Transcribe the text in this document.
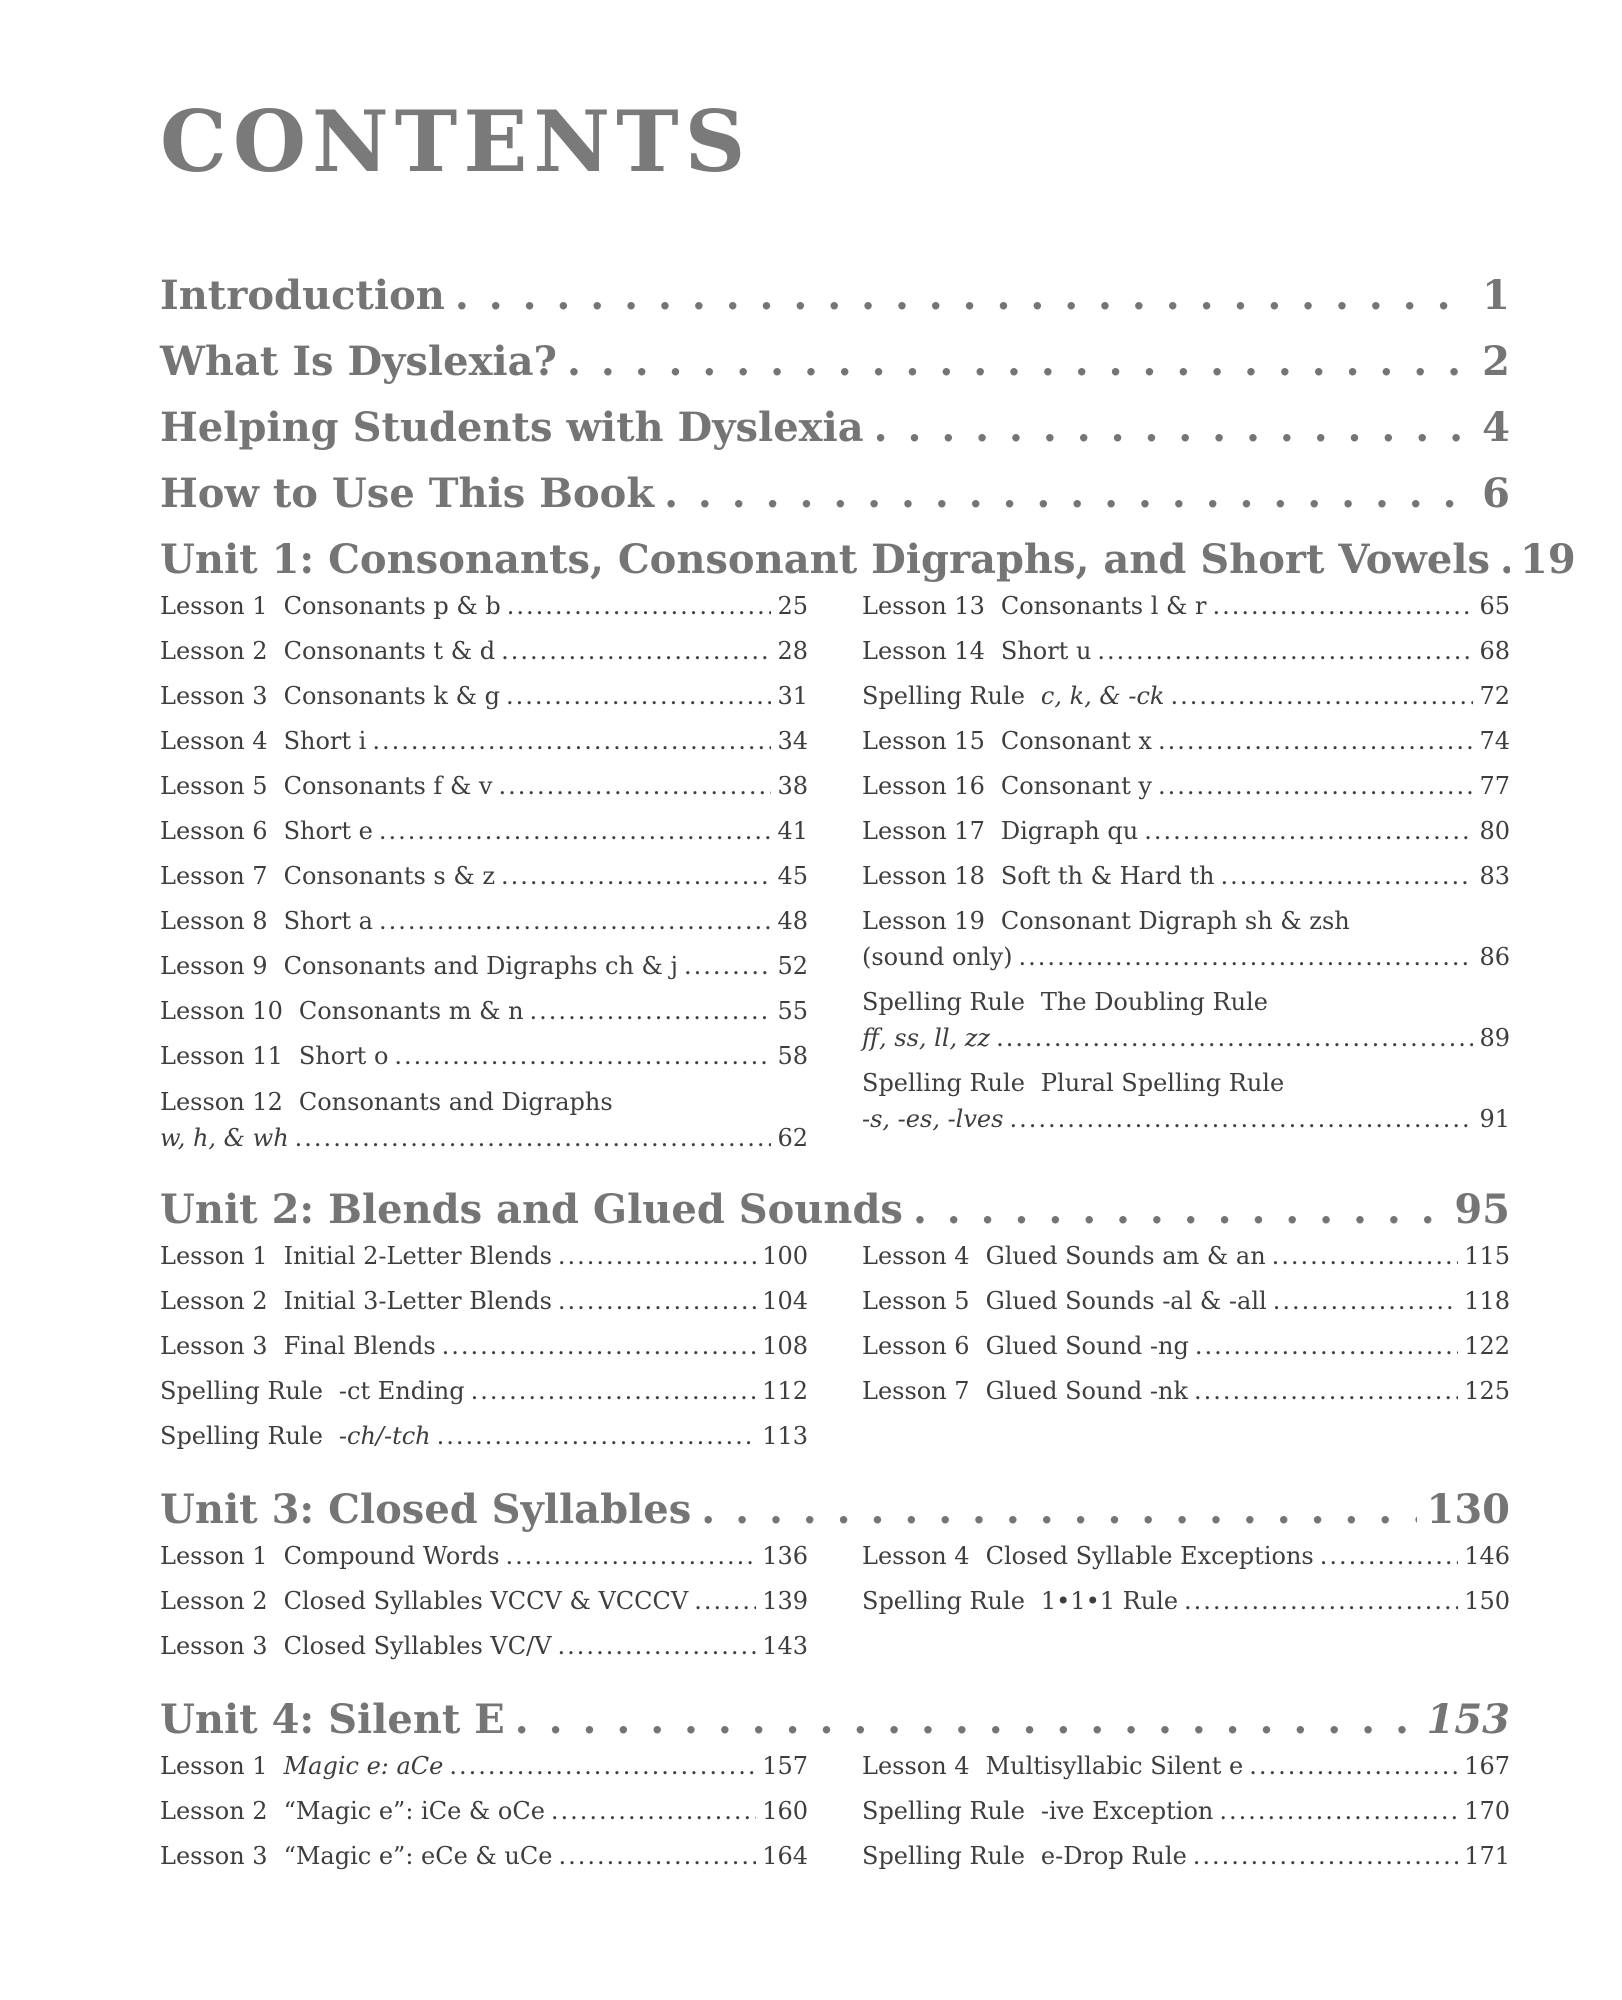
CONTENTS
Introduction . . .	1
What Is Dyslexia? . . .	2
Helping Students with Dyslexia . . .	4
How to Use This Book . . .	6
Unit 1: Consonants, Consonant Digraphs, and Short Vowels . . . 19
Lesson 1 Consonants p & b .....	25
Lesson 2 Consonants t & d .....	28
Lesson 3 Consonants k & g .....	31
Lesson 4 Short i .....	34
Lesson 5 Consonants f & v .....	38
Lesson 6 Short e .....	41
Lesson 7 Consonants s & z .....	45
Lesson 8 Short a .....	48
Lesson 9 Consonants and Digraphs ch & j .....	52
Lesson 10 Consonants m & n .....	55
Lesson 11 Short o .....	58
Lesson 12 Consonants and Digraphs
w, h, & wh .....	62
Lesson 13 Consonants l & r .....	65
Lesson 14 Short u .....	68
Spelling Rule c, k, & -ck .....	72
Lesson 15 Consonant x .....	74
Lesson 16 Consonant y .....	77
Lesson 17 Digraph qu .....	80
Lesson 18 Soft th & Hard th .....	83
Lesson 19 Consonant Digraph sh & zsh
(sound only) .....	86
Spelling Rule The Doubling Rule
ff, ss, ll, zz .....	89
Spelling Rule Plural Spelling Rule
-s, -es, -lves .....	91
Unit 2: Blends and Glued Sounds . . .	95
Lesson 1 Initial 2-Letter Blends .....	100
Lesson 2 Initial 3-Letter Blends .....	104
Lesson 3 Final Blends .....	108
Spelling Rule -ct Ending .....	112
Spelling Rule -ch/-tch .....	113
Lesson 4 Glued Sounds am & an .....	115
Lesson 5 Glued Sounds -al & -all .....	118
Lesson 6 Glued Sound -ng .....	122
Lesson 7 Glued Sound -nk .....	125
Unit 3: Closed Syllables . . .	130
Lesson 1 Compound Words .....	136
Lesson 2 Closed Syllables VCCV & VCCCV .....	139
Lesson 3 Closed Syllables VC/V .....	143
Lesson 4 Closed Syllable Exceptions .....	146
Spelling Rule 1•1•1 Rule .....	150
Unit 4: Silent E . . .	153
Lesson 1 Magic e: aCe .....	157
Lesson 2 “Magic e”: iCe & oCe .....	160
Lesson 3 “Magic e”: eCe & uCe .....	164
Lesson 4 Multisyllabic Silent e .....	167
Spelling Rule -ive Exception .....	170
Spelling Rule e-Drop Rule .....	171
